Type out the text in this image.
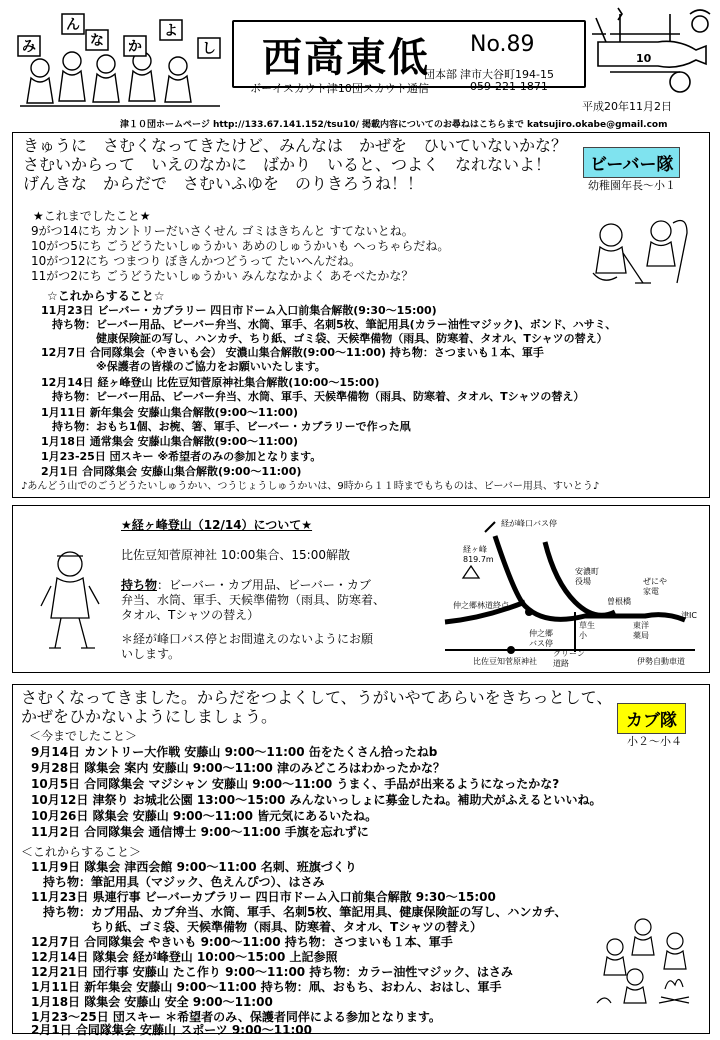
み
ん
な か
よ
し 西高東低 No.89
団本部 津市大谷町194-15
059-221-1871
ボーイスカウト津10団スカウト通信
10
平成20年11月2日
津１０団ホームページ http://133.67.141.152/tsu10/ 掲載内容についてのお尋ねはこちらまで katsujiro.okabe@gmail.com
きゅうに　さむくなってきたけど、みんなは　かぜを　ひいていないかな？
さむいからって　いえのなかに　ばかり　いると、つよく　なれないよ！
げんきな　からだで　さむいふゆを　のりきろうね！！
ビーバー隊
幼稚園年長～小１
★これまでしたこと★
9がつ14にち カントリーだいさくせん ゴミはきちんと すてないとね。
10がつ5にち ごうどうたいしゅうかい あめのしゅうかいも へっちゃらだね。
10がつ12にち つまつり ぼきんかつどうって たいへんだね。
11がつ2にち ごうどうたいしゅうかい みんななかよく あそべたかな？
☆これからすること☆
11月23日 ビーバー・カブラリー 四日市ドーム入口前集合解散(9:30～15:00)
　持ち物：ビーバー用品、ビーバー弁当、水筒、軍手、名刺5枚、筆記用具(カラー油性マジック)、ボンド、ハサミ、
　　　　　健康保険証の写し、ハンカチ、ちり紙、ゴミ袋、天候準備物（雨具、防寒着、タオル、Tシャツの替え）
12月7日 合同隊集会（やきいも会） 安濃山集合解散(9:00～11:00) 持ち物：さつまいも１本、軍手
　　　　　※保護者の皆様のご協力をお願いいたします。
12月14日 経ヶ峰登山 比佐豆知菅原神社集合解散(10:00～15:00)
　持ち物：ビーバー用品、ビーバー弁当、水筒、軍手、天候準備物（雨具、防寒着、タオル、Tシャツの替え）
1月11日 新年集会 安藤山集合解散(9:00～11:00)
　持ち物：おもち1個、お椀、箸、軍手、ビーバー・カブラリーで作った凧
1月18日 通常集会 安藤山集合解散(9:00～11:00)
1月23-25日 団スキー ※希望者のみの参加となります。
2月1日 合同隊集会 安藤山集合解散(9:00～11:00)
♪あんどう山でのごうどうたいしゅうかい、つうじょうしゅうかいは、9時から１１時までもちものは、ビーバー用具、すいとう♪
★経ヶ峰登山（12/14）について★
比佐豆知菅原神社 10:00集合、15:00解散
持ち物：ビーバー・カブ用品、ビーバー・カブ
弁当、水筒、軍手、天候準備物（雨具、防寒着、
タオル、Tシャツの替え）
＊経が峰口バス停とお間違えのないようにお願
いします。
経が峰口バス停
経ヶ峰
819.7m
仲之郷林道終点
比佐豆知菅原神社
仲之郷
バス停
グリーン
道路
草生
小
安濃町
役場
曽根橋
東洋
薬局
ぜにや
家電
津IC
伊勢自動車道
さむくなってきました。からだをつよくして、うがいやてあらいをきちっとして、
かぜをひかないようにしましょう。	カブ隊
小２～小４
＜今までしたこと＞
9月14日 カントリー大作戦 安藤山 9:00～11:00 缶をたくさん拾ったねb
9月28日 隊集会 案内 安藤山 9:00～11:00 津のみどころはわかったかな？
10月5日 合同隊集会 マジシャン 安藤山 9:00～11:00 うまく、手品が出来るようになったかな?
10月12日 津祭り お城北公園 13:00～15:00 みんないっしょに募金したね。補助犬がふえるといいね。
10月26日 隊集会 安藤山 9:00～11:00 皆元気にあるいたね。
11月2日 合同隊集会 通信博士 9:00～11:00 手旗を忘れずに
＜これからすること＞
11月9日 隊集会 津西会館 9:00～11:00 名刺、班旗づくり
　持ち物：筆記用具（マジック、色えんぴつ）、はさみ
11月23日 県連行事 ビーバーカブラリー 四日市ドーム入口前集合解散 9:30～15:00
　持ち物：カブ用品、カブ弁当、水筒、軍手、名刺5枚、筆記用具、健康保険証の写し、ハンカチ、
　　　　　ちり紙、ゴミ袋、天候準備物（雨具、防寒着、タオル、Tシャツの替え）
12月7日 合同隊集会 やきいも 9:00～11:00 持ち物：さつまいも１本、軍手
12月14日 隊集会 経が峰登山 10:00～15:00 上記参照
12月21日 団行事 安藤山 たこ作り 9:00～11:00 持ち物：カラー油性マジック、はさみ
1月11日 新年集会 安藤山 9:00～11:00 持ち物：凧、おもち、おわん、おはし、軍手
1月18日 隊集会 安藤山 安全 9:00～11:00
1月23～25日 団スキー ＊希望者のみ、保護者同伴による参加となります。
2月1日 合同隊集会 安藤山 スポーツ 9:00～11:00
